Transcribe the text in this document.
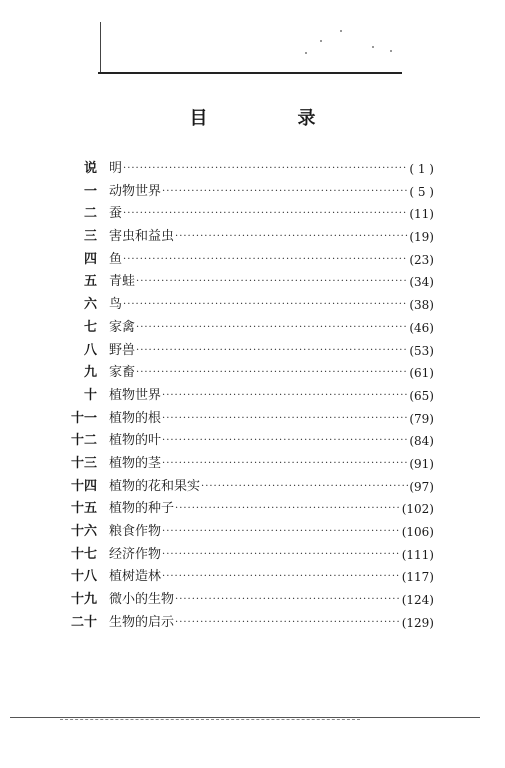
目　录
说 明 ·····	( 1 )
一 动物世界 ·····	( 5 )
二 蚕 ·····	(11)
三 害虫和益虫 ·····	(19)
四 鱼 ·····	(23)
五 青蛙 ·····	(34)
六 鸟 ·····	(38)
七 家禽 ·····	(46)
八 野兽 ·····	(53)
九 家畜 ·····	(61)
十 植物世界 ·····	(65)
十一 植物的根 ·····	(79)
十二 植物的叶 ·····	(84)
十三 植物的茎 ·····	(91)
十四 植物的花和果实 ·····	(97)
十五 植物的种子 ·····	(102)
十六 粮食作物 ·····	(106)
十七 经济作物 ·····	(111)
十八 植树造林 ·····	(117)
十九 微小的生物 ·····	(124)
二十 生物的启示 ·····	(129)
